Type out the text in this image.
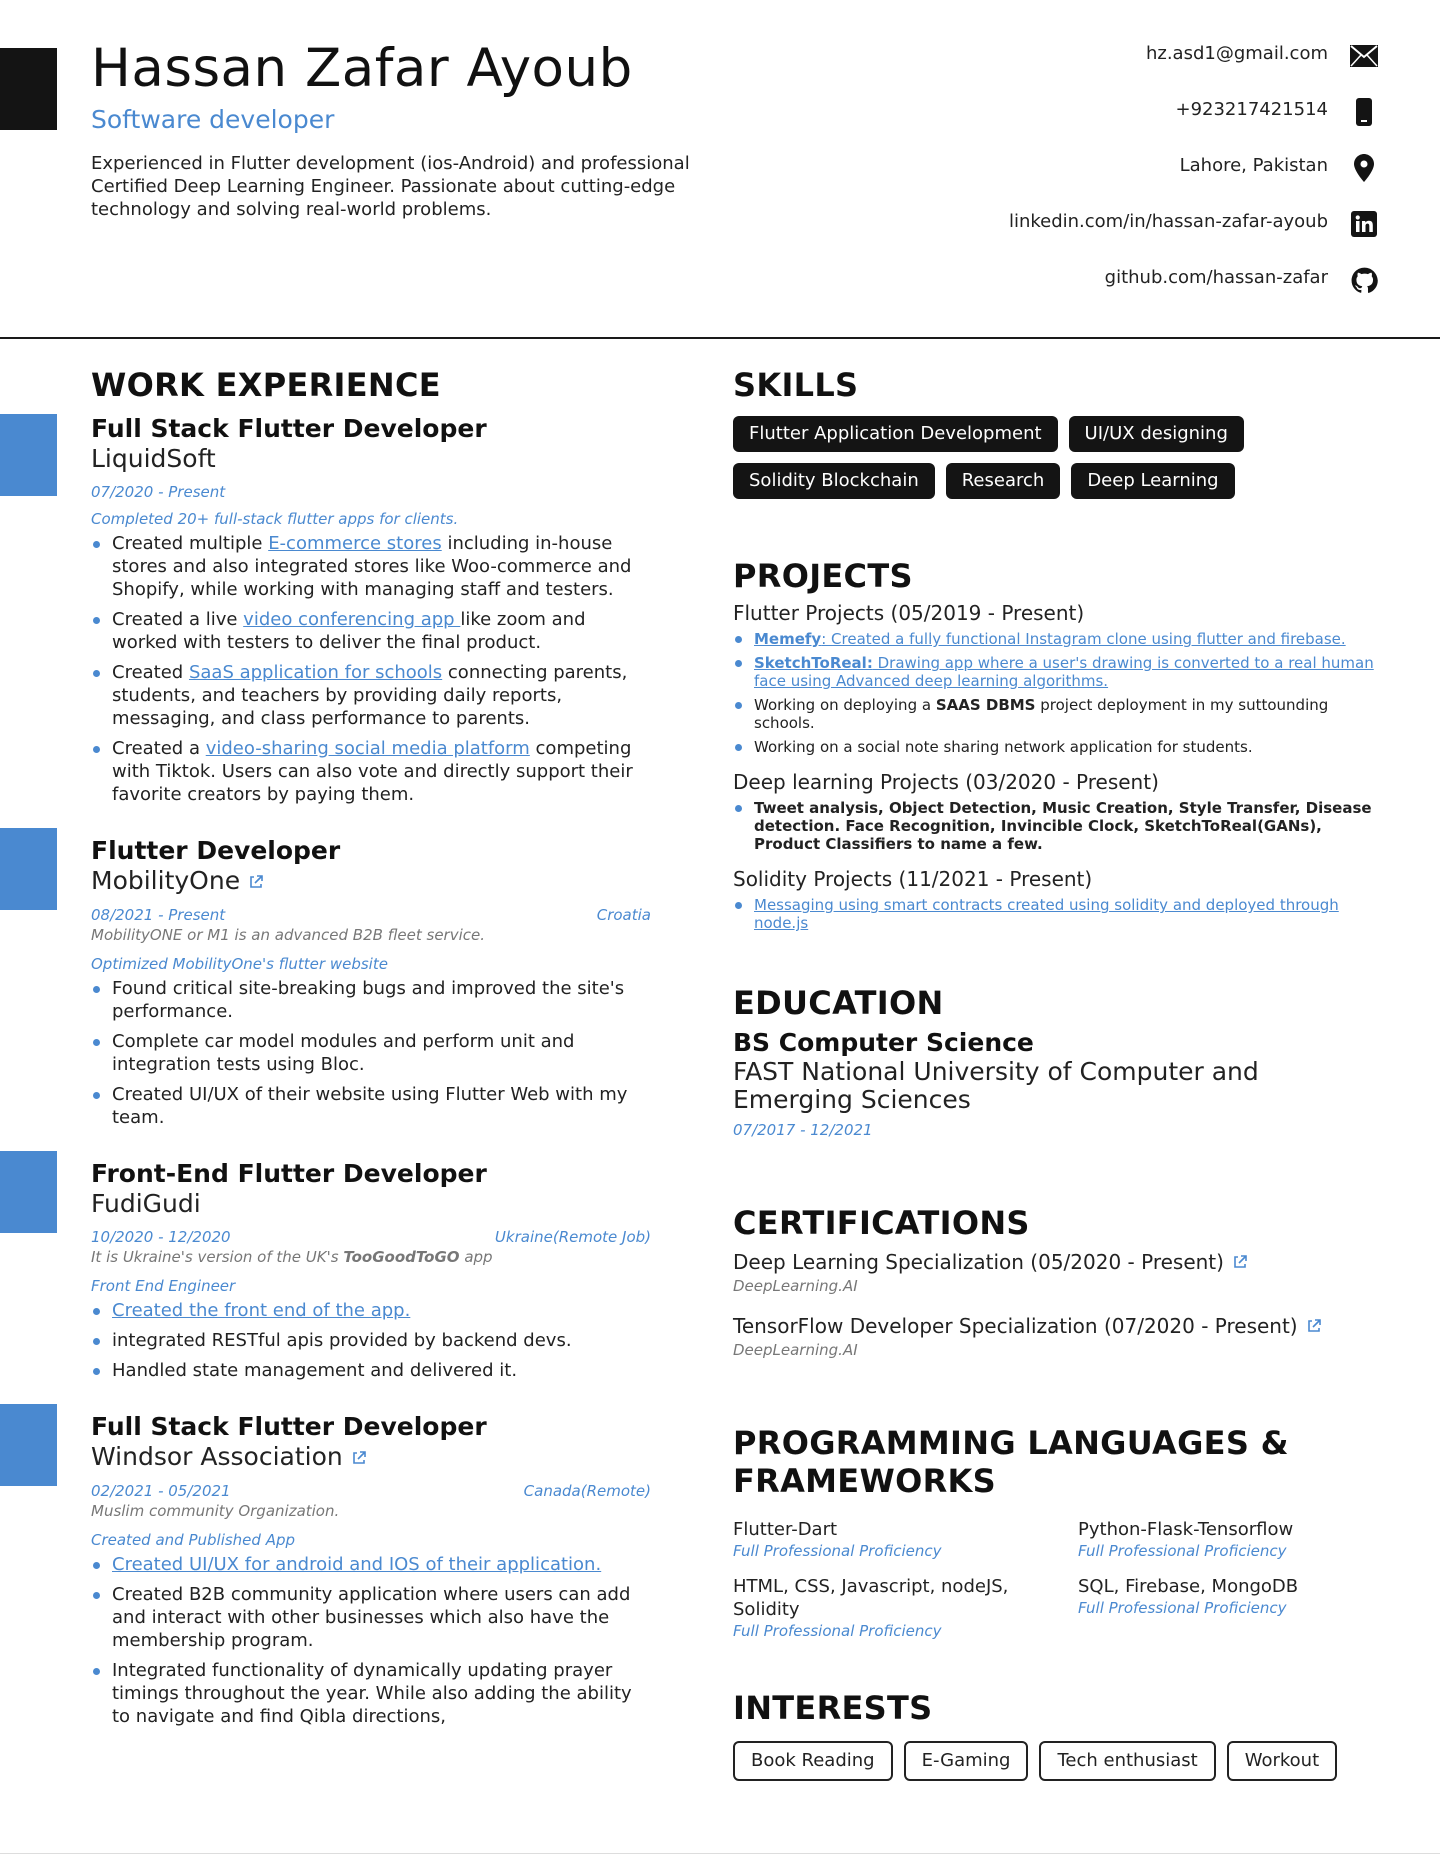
Hassan Zafar Ayoub
Software developer
Experienced in Flutter development (ios-Android) and professional Certified Deep Learning Engineer. Passionate about cutting-edge technology and solving real-world problems.
hz.asd1@gmail.com
+923217421514
Lahore, Pakistan
linkedin.com/in/hassan-zafar-ayoub
github.com/hassan-zafar
WORK EXPERIENCE
Full Stack Flutter Developer
LiquidSoft
07/2020 - Present
Completed 20+ full-stack flutter apps for clients.
Created multiple E-commerce stores including in-house stores and also integrated stores like Woo-commerce and Shopify, while working with managing staff and testers.
Created a live video conferencing app like zoom and worked with testers to deliver the final product.
Created SaaS application for schools connecting parents, students, and teachers by providing daily reports, messaging, and class performance to parents.
Created a video-sharing social media platform competing with Tiktok. Users can also vote and directly support their favorite creators by paying them.
Flutter Developer
MobilityOne
08/2021 - Present	Croatia
MobilityONE or M1 is an advanced B2B fleet service.
Optimized MobilityOne's flutter website
Found critical site-breaking bugs and improved the site's performance.
Complete car model modules and perform unit and integration tests using Bloc.
Created UI/UX of their website using Flutter Web with my team.
Front-End Flutter Developer
FudiGudi
10/2020 - 12/2020	Ukraine(Remote Job)
It is Ukraine's version of the UK's TooGoodToGO app
Front End Engineer
Created the front end of the app.
integrated RESTful apis provided by backend devs.
Handled state management and delivered it.
Full Stack Flutter Developer
Windsor Association
02/2021 - 05/2021	Canada(Remote)
Muslim community Organization.
Created and Published App
Created UI/UX for android and IOS of their application.
Created B2B community application where users can add and interact with other businesses which also have the membership program.
Integrated functionality of dynamically updating prayer timings throughout the year. While also adding the ability to navigate and find Qibla directions,
SKILLS
Flutter Application Development	UI/UX designing
Solidity Blockchain	Research	Deep Learning
PROJECTS
Flutter Projects (05/2019 - Present)
Memefy: Created a fully functional Instagram clone using flutter and firebase.
SketchToReal: Drawing app where a user's drawing is converted to a real human face using Advanced deep learning algorithms.
Working on deploying a SAAS DBMS project deployment in my suttounding schools.
Working on a social note sharing network application for students.
Deep learning Projects (03/2020 - Present)
Tweet analysis, Object Detection, Music Creation, Style Transfer, Disease detection. Face Recognition, Invincible Clock, SketchToReal(GANs), Product Classifiers to name a few.
Solidity Projects (11/2021 - Present)
Messaging using smart contracts created using solidity and deployed through node.js
EDUCATION
BS Computer Science
FAST National University of Computer and Emerging Sciences
07/2017 - 12/2021
CERTIFICATIONS
Deep Learning Specialization (05/2020 - Present)
DeepLearning.AI
TensorFlow Developer Specialization (07/2020 - Present)
DeepLearning.AI
PROGRAMMING LANGUAGES & FRAMEWORKS
Flutter-Dart
Full Professional Proficiency
Python-Flask-Tensorflow
Full Professional Proficiency
HTML, CSS, Javascript, nodeJS, Solidity
Full Professional Proficiency
SQL, Firebase, MongoDB
Full Professional Proficiency
INTERESTS
Book Reading	E-Gaming	Tech enthusiast	Workout
